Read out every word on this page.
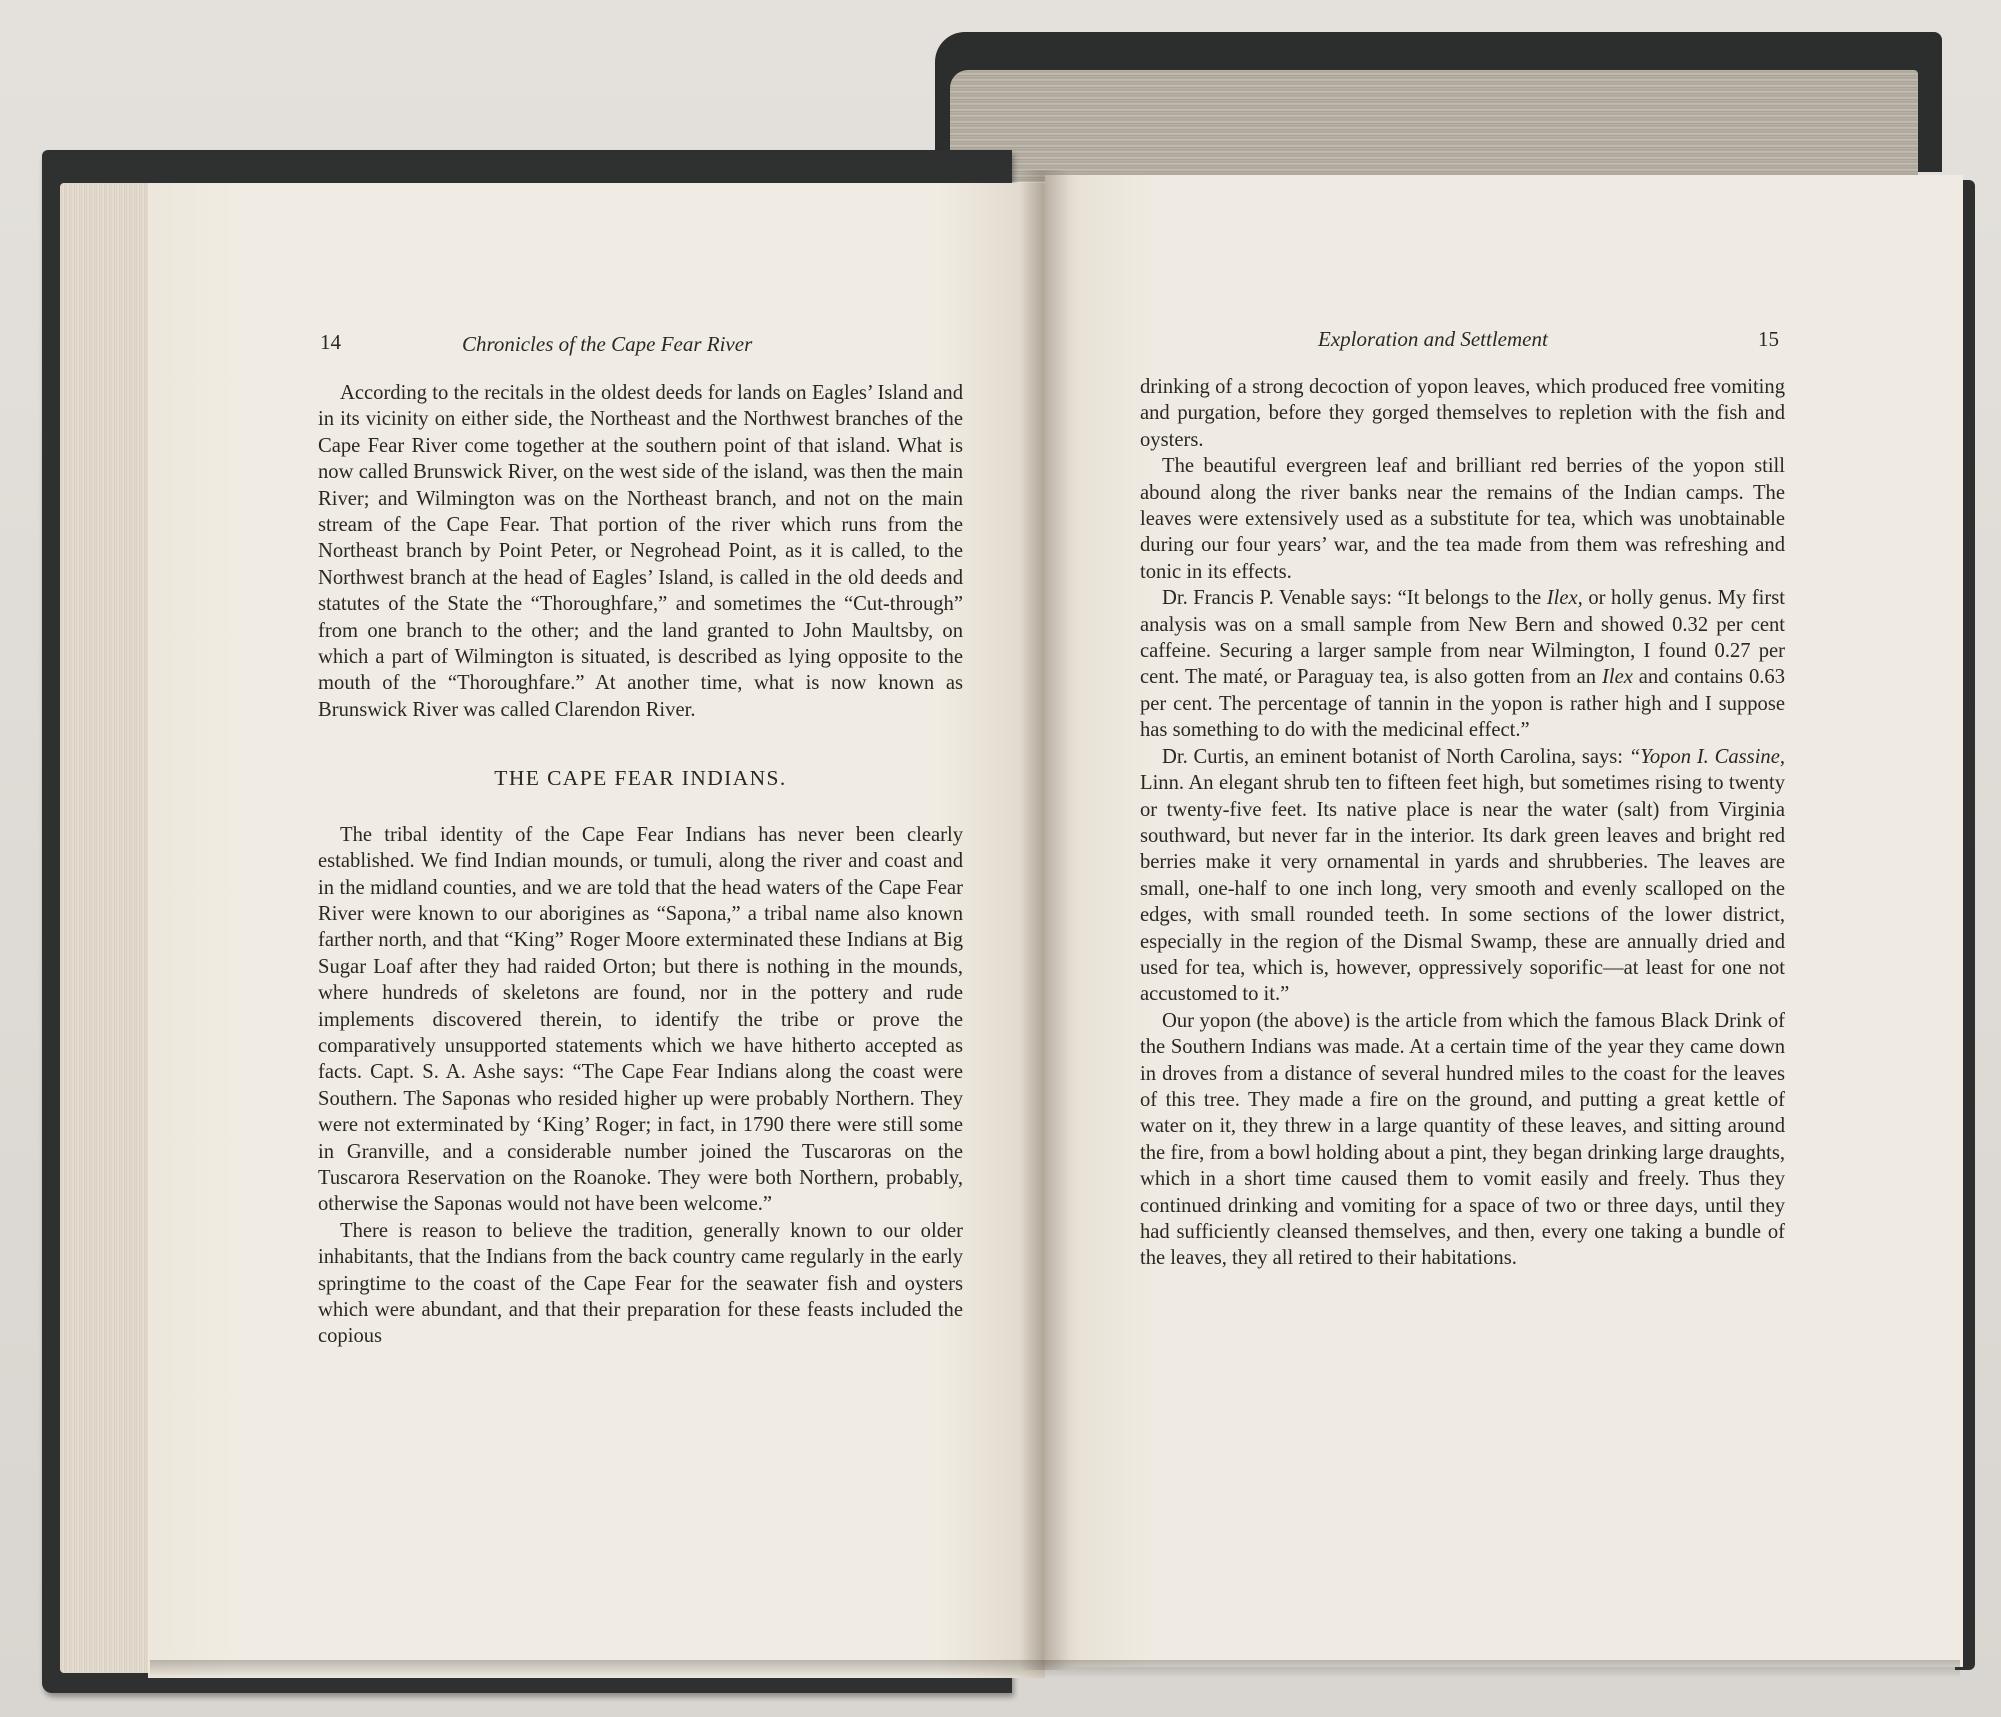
14	Chronicles of the Cape Fear River

According to the recitals in the oldest deeds for lands on Eagles’ Island and in its vicinity on either side, the Northeast and the Northwest branches of the Cape Fear River come together at the southern point of that island. What is now called Brunswick River, on the west side of the island, was then the main River; and Wilmington was on the Northeast branch, and not on the main stream of the Cape Fear. That portion of the river which runs from the Northeast branch by Point Peter, or Negrohead Point, as it is called, to the Northwest branch at the head of Eagles’ Island, is called in the old deeds and statutes of the State the “Thoroughfare,” and sometimes the “Cut-through” from one branch to the other; and the land granted to John Maultsby, on which a part of Wilmington is situated, is described as lying opposite to the mouth of the “Thoroughfare.” At another time, what is now known as Brunswick River was called Clarendon River.

THE CAPE FEAR INDIANS.

The tribal identity of the Cape Fear Indians has never been clearly established. We find Indian mounds, or tumuli, along the river and coast and in the midland counties, and we are told that the head waters of the Cape Fear River were known to our aborigines as “Sapona,” a tribal name also known farther north, and that “King” Roger Moore exterminated these Indians at Big Sugar Loaf after they had raided Orton; but there is nothing in the mounds, where hundreds of skeletons are found, nor in the pottery and rude implements discovered therein, to identify the tribe or prove the comparatively unsupported statements which we have hitherto accepted as facts. Capt. S. A. Ashe says: “The Cape Fear Indians along the coast were Southern. The Saponas who resided higher up were probably Northern. They were not exterminated by ‘King’ Roger; in fact, in 1790 there were still some in Granville, and a considerable number joined the Tuscaroras on the Tuscarora Reservation on the Roanoke. They were both Northern, probably, otherwise the Saponas would not have been welcome.”

There is reason to believe the tradition, generally known to our older inhabitants, that the Indians from the back country came regularly in the early springtime to the coast of the Cape Fear for the seawater fish and oysters which were abundant, and that their preparation for these feasts included the copious

Exploration and Settlement	15

drinking of a strong decoction of yopon leaves, which produced free vomiting and purgation, before they gorged themselves to repletion with the fish and oysters.

The beautiful evergreen leaf and brilliant red berries of the yopon still abound along the river banks near the remains of the Indian camps. The leaves were extensively used as a substitute for tea, which was unobtainable during our four years’ war, and the tea made from them was refreshing and tonic in its effects.

Dr. Francis P. Venable says: “It belongs to the Ilex, or holly genus. My first analysis was on a small sample from New Bern and showed 0.32 per cent caffeine. Securing a larger sample from near Wilmington, I found 0.27 per cent. The maté, or Paraguay tea, is also gotten from an Ilex and contains 0.63 per cent. The percentage of tannin in the yopon is rather high and I suppose has something to do with the medicinal effect.”

Dr. Curtis, an eminent botanist of North Carolina, says: “Yopon I. Cassine, Linn. An elegant shrub ten to fifteen feet high, but sometimes rising to twenty or twenty-five feet. Its native place is near the water (salt) from Virginia southward, but never far in the interior. Its dark green leaves and bright red berries make it very ornamental in yards and shrubberies. The leaves are small, one-half to one inch long, very smooth and evenly scalloped on the edges, with small rounded teeth. In some sections of the lower district, especially in the region of the Dismal Swamp, these are annually dried and used for tea, which is, however, oppressively soporific—at least for one not accustomed to it.”

Our yopon (the above) is the article from which the famous Black Drink of the Southern Indians was made. At a certain time of the year they came down in droves from a distance of several hundred miles to the coast for the leaves of this tree. They made a fire on the ground, and putting a great kettle of water on it, they threw in a large quantity of these leaves, and sitting around the fire, from a bowl holding about a pint, they began drinking large draughts, which in a short time caused them to vomit easily and freely. Thus they continued drinking and vomiting for a space of two or three days, until they had sufficiently cleansed themselves, and then, every one taking a bundle of the leaves, they all retired to their habitations.
